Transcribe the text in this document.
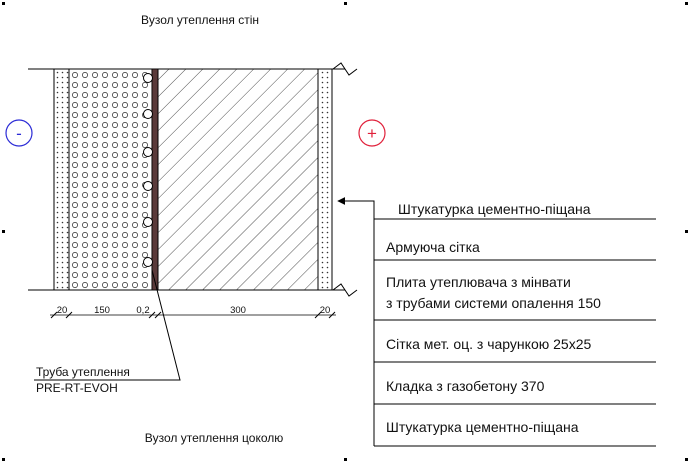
Вузол утеплення стін
Вузол утеплення цоколю
-	+
20	150	0,2	300	20
Труба утеплення
PRE-RT-EVOH
Штукатурка цементно-піщана
Армуюча сітка
Плита утеплювача з мінвати
з трубами системи опалення 150
Сітка мет. оц. з чарункою 25х25
Кладка з газобетону 370
Штукатурка цементно-піщана
